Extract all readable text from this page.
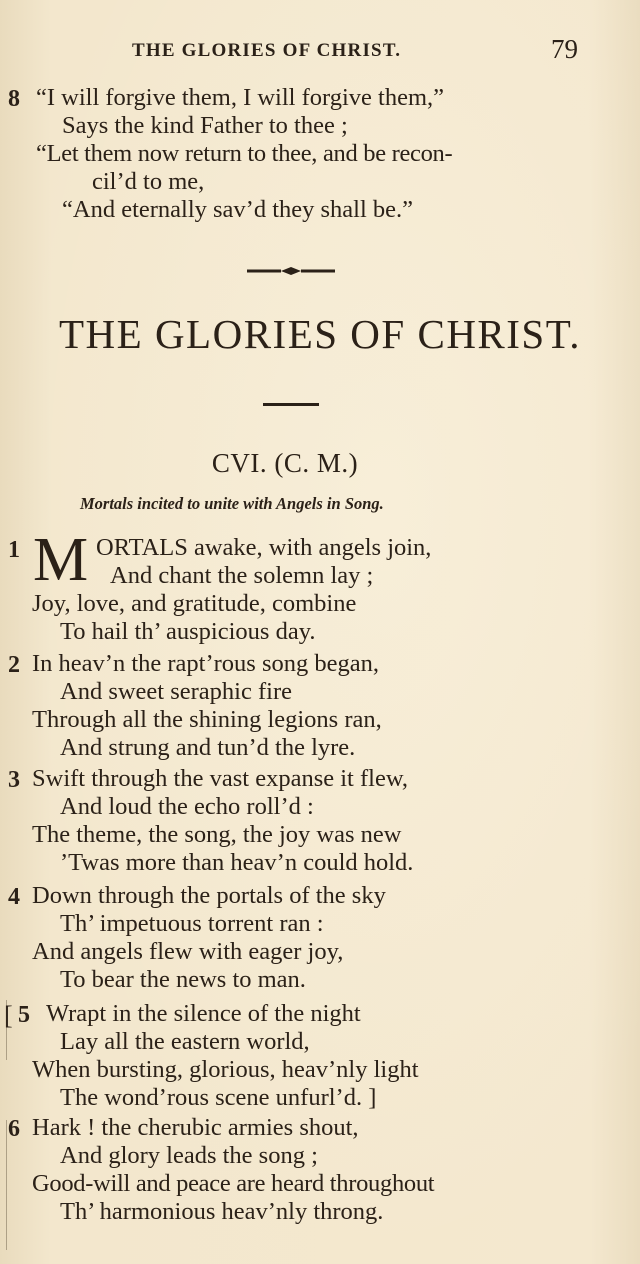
THE GLORIES OF CHRIST.	79
8 “I will forgive them, I will forgive them,”
Says the kind Father to thee ;
“Let them now return to thee, and be recon-
cil’d to me,
“And eternally sav’d they shall be.”
THE GLORIES OF CHRIST.
CVI. (C. M.)
Mortals incited to unite with Angels in Song.
1 M ORTALS awake, with angels join,
And chant the solemn lay ;
Joy, love, and gratitude, combine
To hail th’ auspicious day.
2 In heav’n the rapt’rous song began,
And sweet seraphic fire
Through all the shining legions ran,
And strung and tun’d the lyre.
3 Swift through the vast expanse it flew,
And loud the echo roll’d :
The theme, the song, the joy was new
’Twas more than heav’n could hold.
4 Down through the portals of the sky
Th’ impetuous torrent ran :
And angels flew with eager joy,
To bear the news to man.
[ 5 Wrapt in the silence of the night
Lay all the eastern world,
When bursting, glorious, heav’nly light
The wond’rous scene unfurl’d. ]
6 Hark ! the cherubic armies shout,
And glory leads the song ;
Good-will and peace are heard throughout
Th’ harmonious heav’nly throng.
